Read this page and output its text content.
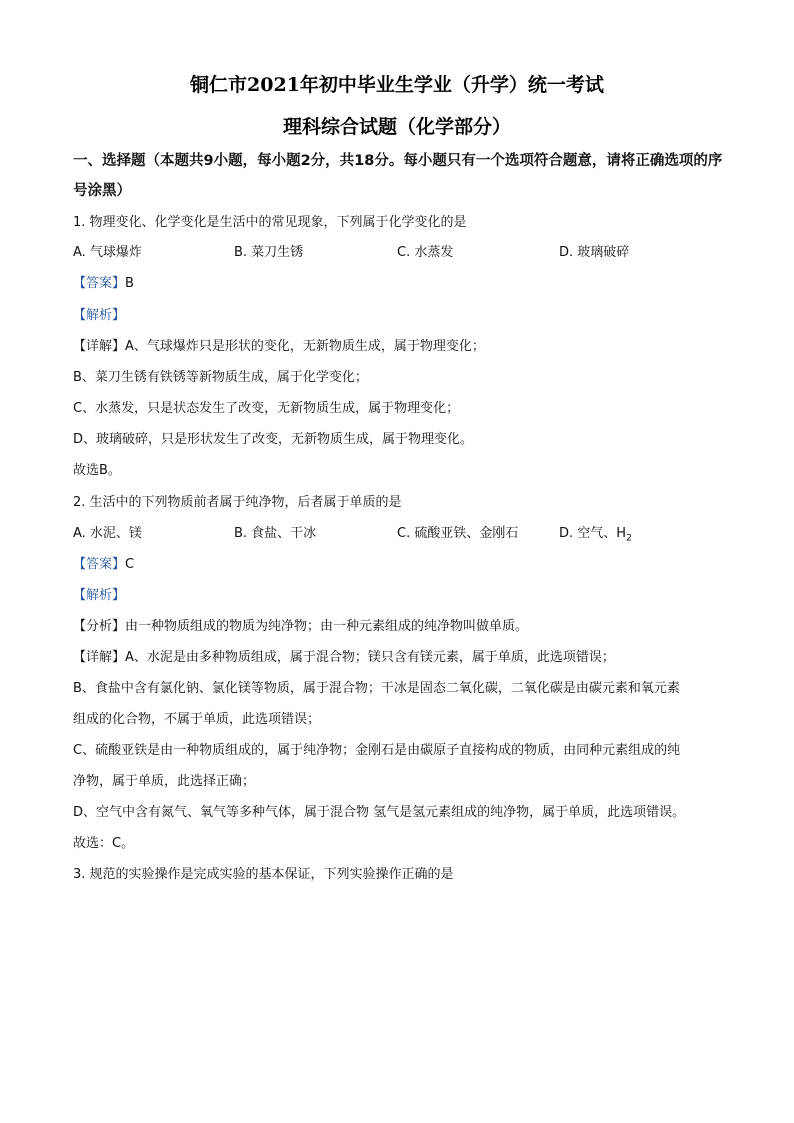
铜仁市2021年初中毕业生学业（升学）统一考试
理科综合试题（化学部分）
一、选择题（本题共9小题，每小题2分，共18分。每小题只有一个选项符合题意，请将正确选项的序号涂黑）
1. 物理变化、化学变化是生活中的常见现象，下列属于化学变化的是
A. 气球爆炸	B. 菜刀生锈	C. 水蒸发	D. 玻璃破碎
【答案】B
【解析】
【详解】A、气球爆炸只是形状的变化，无新物质生成，属于物理变化；
B、菜刀生锈有铁锈等新物质生成，属于化学变化；
C、水蒸发，只是状态发生了改变，无新物质生成，属于物理变化；
D、玻璃破碎，只是形状发生了改变，无新物质生成，属于物理变化。
故选B。
2. 生活中的下列物质前者属于纯净物，后者属于单质的是
A. 水泥、镁	B. 食盐、干冰	C. 硫酸亚铁、金刚石	D. 空气、$H_2$
【答案】C
【解析】
【分析】由一种物质组成的物质为纯净物；由一种元素组成的纯净物叫做单质。
【详解】A、水泥是由多种物质组成，属于混合物；镁只含有镁元素，属于单质，此选项错误；
B、食盐中含有氯化钠、氯化镁等物质，属于混合物；干冰是固态二氧化碳，二氧化碳是由碳元素和氧元素
组成的化合物，不属于单质，此选项错误；
C、硫酸亚铁是由一种物质组成的，属于纯净物；金刚石是由碳原子直接构成的物质，由同种元素组成的纯
净物，属于单质，此选择正确；
D、空气中含有氮气、氧气等多种气体，属于混合物 氢气是氢元素组成的纯净物，属于单质，此选项错误。
故选：C。
3. 规范的实验操作是完成实验的基本保证，下列实验操作正确的是
